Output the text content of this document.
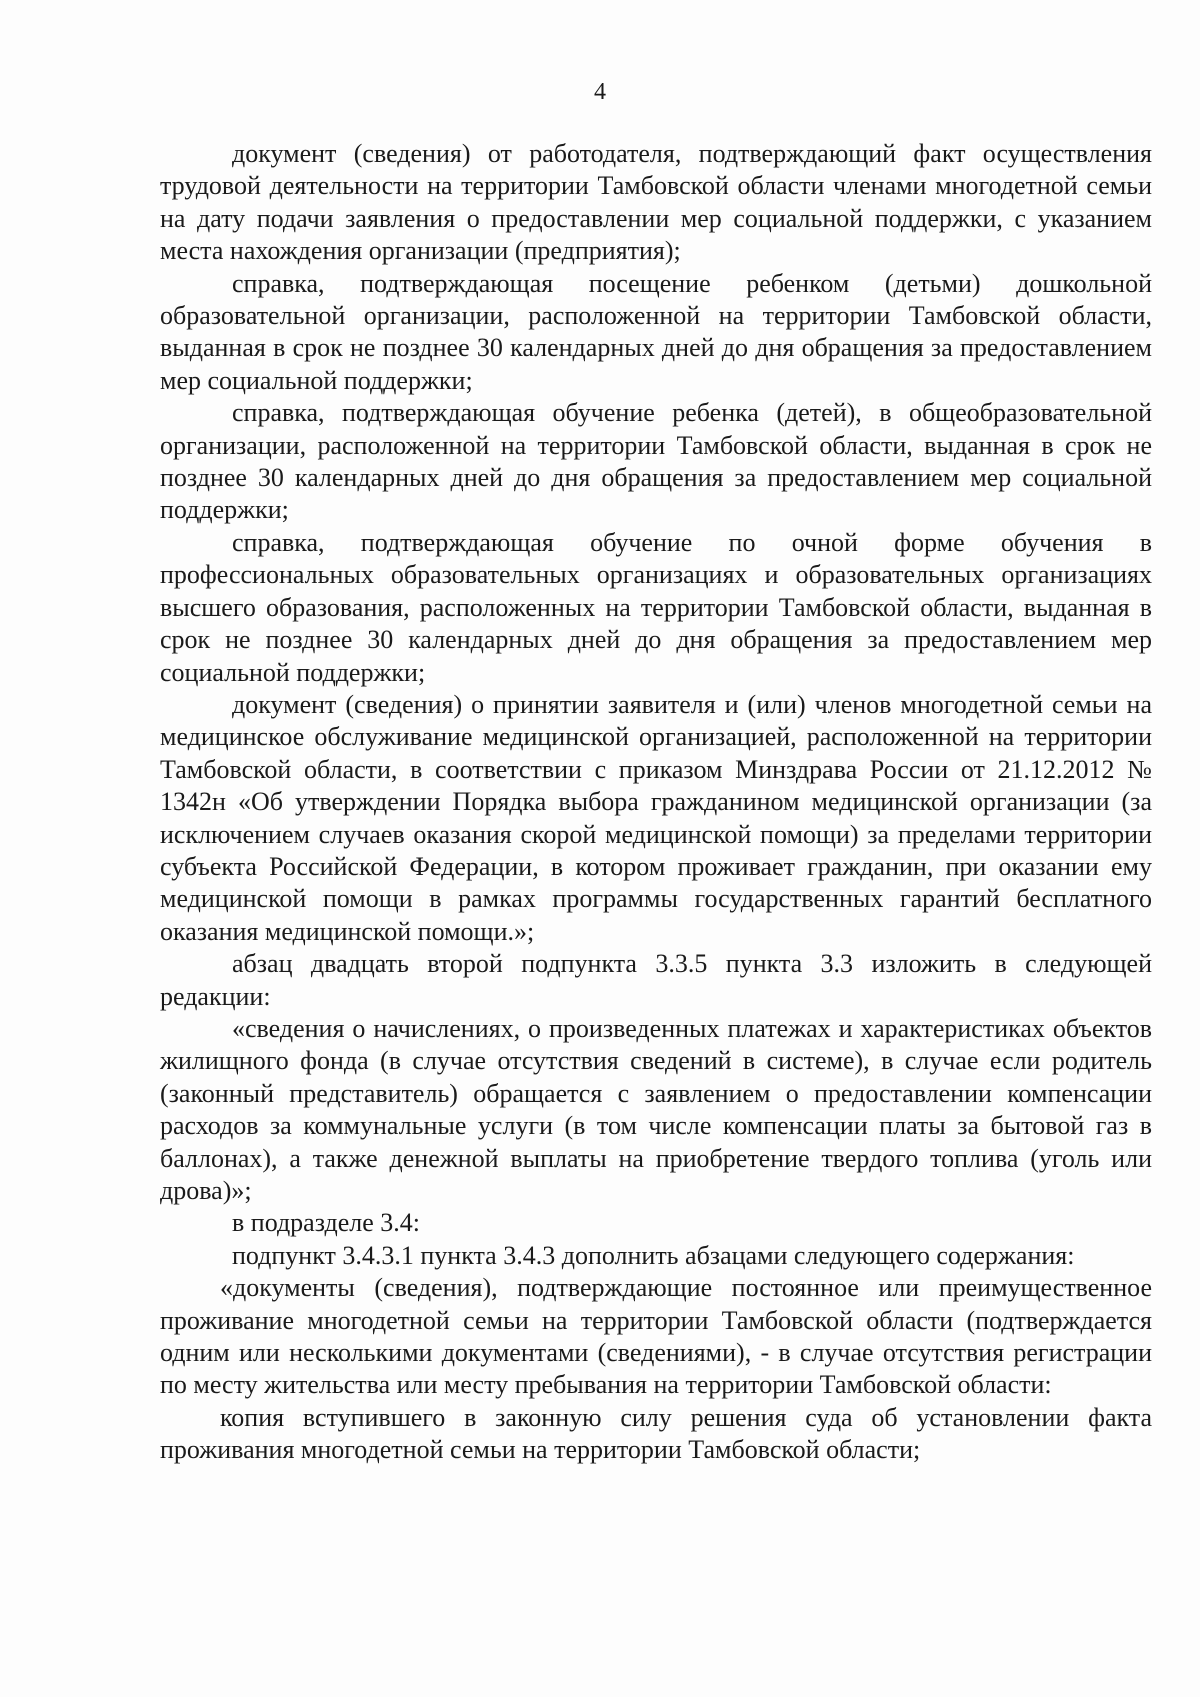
4

документ (сведения) от работодателя, подтверждающий факт осуществления трудовой деятельности на территории Тамбовской области членами многодетной семьи на дату подачи заявления о предоставлении мер социальной поддержки, с указанием места нахождения организации (предприятия);

справка, подтверждающая посещение ребенком (детьми) дошкольной образовательной организации, расположенной на территории Тамбовской области, выданная в срок не позднее 30 календарных дней до дня обращения за предоставлением мер социальной поддержки;

справка, подтверждающая обучение ребенка (детей), в общеобразовательной организации, расположенной на территории Тамбовской области, выданная в срок не позднее 30 календарных дней до дня обращения за предоставлением мер социальной поддержки;

справка, подтверждающая обучение по очной форме обучения в профессиональных образовательных организациях и образовательных организациях высшего образования, расположенных на территории Тамбовской области, выданная в срок не позднее 30 календарных дней до дня обращения за предоставлением мер социальной поддержки;

документ (сведения) о принятии заявителя и (или) членов многодетной семьи на медицинское обслуживание медицинской организацией, расположенной на территории Тамбовской области, в соответствии с приказом Минздрава России от 21.12.2012 № 1342н «Об утверждении Порядка выбора гражданином медицинской организации (за исключением случаев оказания скорой медицинской помощи) за пределами территории субъекта Российской Федерации, в котором проживает гражданин, при оказании ему медицинской помощи в рамках программы государственных гарантий бесплатного оказания медицинской помощи.»;

абзац двадцать второй подпункта 3.3.5 пункта 3.3 изложить в следующей редакции:

«сведения о начислениях, о произведенных платежах и характеристиках объектов жилищного фонда (в случае отсутствия сведений в системе), в случае если родитель (законный представитель) обращается с заявлением о предоставлении компенсации расходов за коммунальные услуги (в том числе компенсации платы за бытовой газ в баллонах), а также денежной выплаты на приобретение твердого топлива (уголь или дрова)»;

в подразделе 3.4:

подпункт 3.4.3.1 пункта 3.4.3 дополнить абзацами следующего содержания:

«документы (сведения), подтверждающие постоянное или преимущественное проживание многодетной семьи на территории Тамбовской области (подтверждается одним или несколькими документами (сведениями), - в случае отсутствия регистрации по месту жительства или месту пребывания на территории Тамбовской области:

копия вступившего в законную силу решения суда об установлении факта проживания многодетной семьи на территории Тамбовской области;
